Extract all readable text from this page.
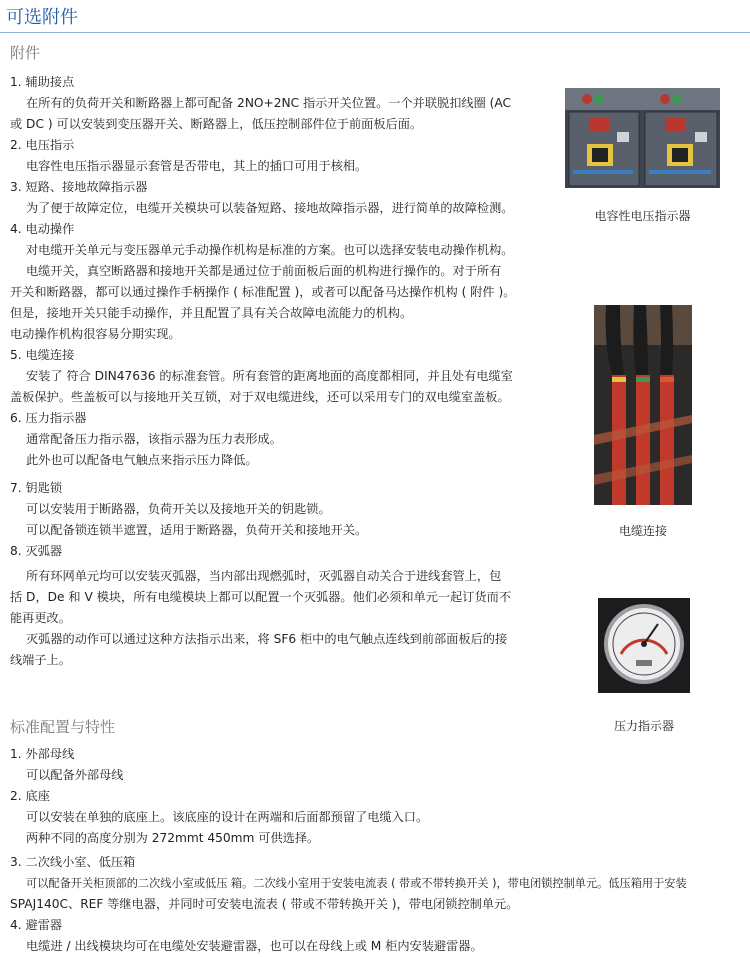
可选附件
附件
1. 辅助接点
在所有的负荷开关和断路器上都可配备 2NO+2NC 指示开关位置。一个并联脱扣线圈 (AC
或 DC ) 可以安装到变压器开关、断路器上，低压控制部件位于前面板后面。
2. 电压指示
电容性电压指示器显示套管是否带电，其上的插口可用于核相。
3. 短路、接地故障指示器
为了便于故障定位，电缆开关模块可以装备短路、接地故障指示器，进行简单的故障检测。
4. 电动操作
对电缆开关单元与变压器单元手动操作机构是标准的方案。也可以选择安装电动操作机构。
电缆开关，真空断路器和接地开关都是通过位于前面板后面的机构进行操作的。对于所有
开关和断路器，都可以通过操作手柄操作 ( 标准配置 )，或者可以配备马达操作机构 ( 附件 )。
但是，接地开关只能手动操作，并且配置了具有关合故障电流能力的机构。
电动操作机构很容易分期实现。
5. 电缆连接
安装了 符合 DIN47636 的标准套管。所有套管的距离地面的高度都相同，并且处有电缆室
盖板保护。些盖板可以与接地开关互锁，对于双电缆进线，还可以采用专门的双电缆室盖板。
6. 压力指示器
通常配备压力指示器，该指示器为压力表形成。
此外也可以配备电气触点来指示压力降低。
7. 钥匙锁
可以安装用于断路器，负荷开关以及接地开关的钥匙锁。
可以配备锁连锁半遮置，适用于断路器，负荷开关和接地开关。
8. 灭弧器
所有环网单元均可以安装灭弧器，当内部出现燃弧时，灭弧器自动关合于进线套管上，包
括 D，De 和 V 模块，所有电缆模块上都可以配置一个灭弧器。他们必须和单元一起订货而不
能再更改。
灭弧器的动作可以通过这种方法指示出来，将 SF6 柜中的电气触点连线到前部面板后的接
线端子上。
标准配置与特性
1. 外部母线
可以配备外部母线
2. 底座
可以安装在单独的底座上。该底座的设计在两端和后面都预留了电缆入口。
两种不同的高度分别为 272mmt 450mm 可供选择。
3. 二次线小室、低压箱
可以配备开关柜顶部的二次线小室或低压 箱。二次线小室用于安装电流表 ( 带或不带转换开关 )，带电闭锁控制单元。低压箱用于安装
SPAJ140C、REF 等继电器，并同时可安装电流表 ( 带或不带转换开关 )，带电闭锁控制单元。
4. 避雷器
电缆进 / 出线模块均可在电缆处安装避雷器，也可以在母线上或 M 柜内安装避雷器。
电容性电压指示器
电缆连接
压力指示器
